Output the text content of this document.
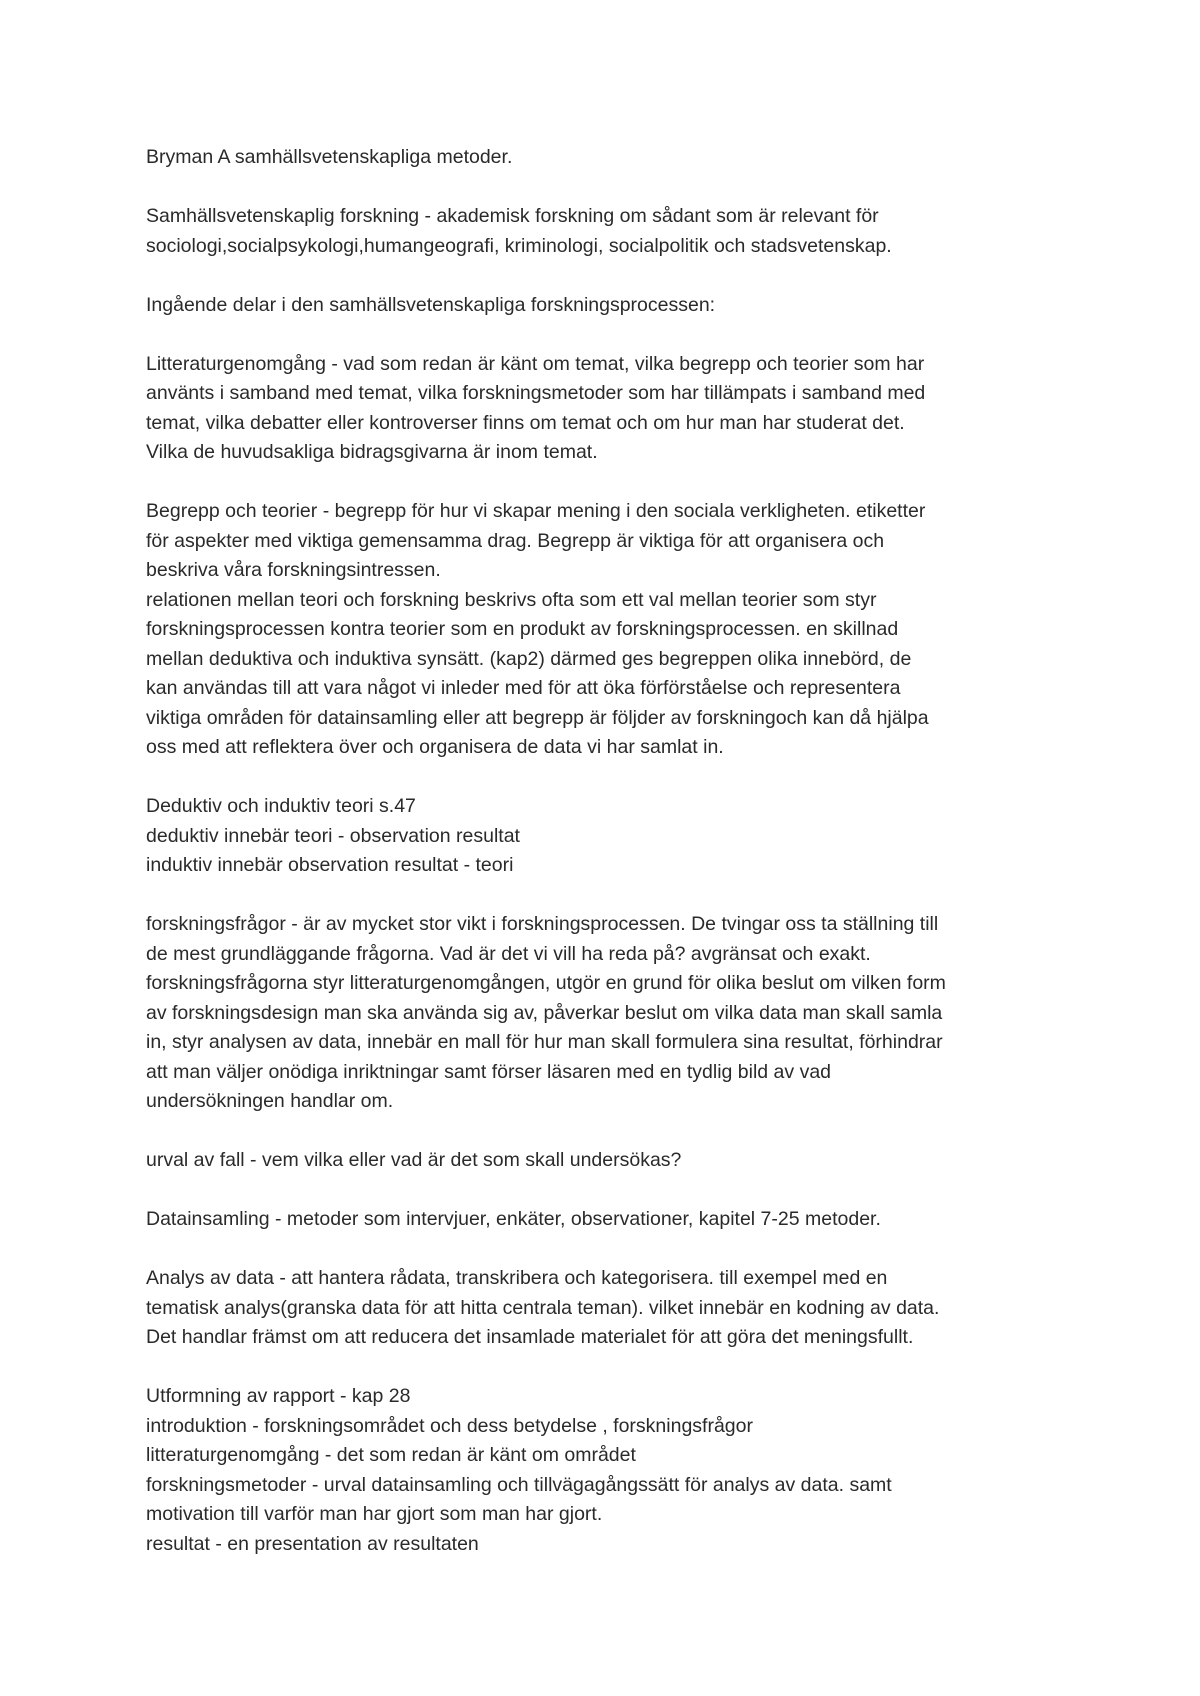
Bryman A samhällsvetenskapliga metoder.
Samhällsvetenskaplig forskning - akademisk forskning om sådant som är relevant för
sociologi,socialpsykologi,humangeografi, kriminologi, socialpolitik och stadsvetenskap.
Ingående delar i den samhällsvetenskapliga forskningsprocessen:
Litteraturgenomgång - vad som redan är känt om temat, vilka begrepp och teorier som har
använts i samband med temat, vilka forskningsmetoder som har tillämpats i samband med
temat, vilka debatter eller kontroverser finns om temat och om hur man har studerat det.
Vilka de huvudsakliga bidragsgivarna är inom temat.
Begrepp och teorier - begrepp för hur vi skapar mening i den sociala verkligheten. etiketter
för aspekter med viktiga gemensamma drag. Begrepp är viktiga för att organisera och
beskriva våra forskningsintressen.
relationen mellan teori och forskning beskrivs ofta som ett val mellan teorier som styr
forskningsprocessen kontra teorier som en produkt av forskningsprocessen. en skillnad
mellan deduktiva och induktiva synsätt. (kap2) därmed ges begreppen olika innebörd, de
kan användas till att vara något vi inleder med för att öka förförståelse och representera
viktiga områden för datainsamling eller att begrepp är följder av forskningoch kan då hjälpa
oss med att reflektera över och organisera de data vi har samlat in.
Deduktiv och induktiv teori s.47
deduktiv innebär teori - observation resultat
induktiv innebär observation resultat - teori
forskningsfrågor - är av mycket stor vikt i forskningsprocessen. De tvingar oss ta ställning till
de mest grundläggande frågorna. Vad är det vi vill ha reda på? avgränsat och exakt.
forskningsfrågorna styr litteraturgenomgången, utgör en grund för olika beslut om vilken form
av forskningsdesign man ska använda sig av, påverkar beslut om vilka data man skall samla
in, styr analysen av data, innebär en mall för hur man skall formulera sina resultat, förhindrar
att man väljer onödiga inriktningar samt förser läsaren med en tydlig bild av vad
undersökningen handlar om.
urval av fall - vem vilka eller vad är det som skall undersökas?
Datainsamling - metoder som intervjuer, enkäter, observationer, kapitel 7-25 metoder.
Analys av data - att hantera rådata, transkribera och kategorisera. till exempel med en
tematisk analys(granska data för att hitta centrala teman). vilket innebär en kodning av data.
Det handlar främst om att reducera det insamlade materialet för att göra det meningsfullt.
Utformning av rapport - kap 28
introduktion - forskningsområdet och dess betydelse , forskningsfrågor
litteraturgenomgång - det som redan är känt om området
forskningsmetoder - urval datainsamling och tillvägagångssätt för analys av data. samt
motivation till varför man har gjort som man har gjort.
resultat - en presentation av resultaten
